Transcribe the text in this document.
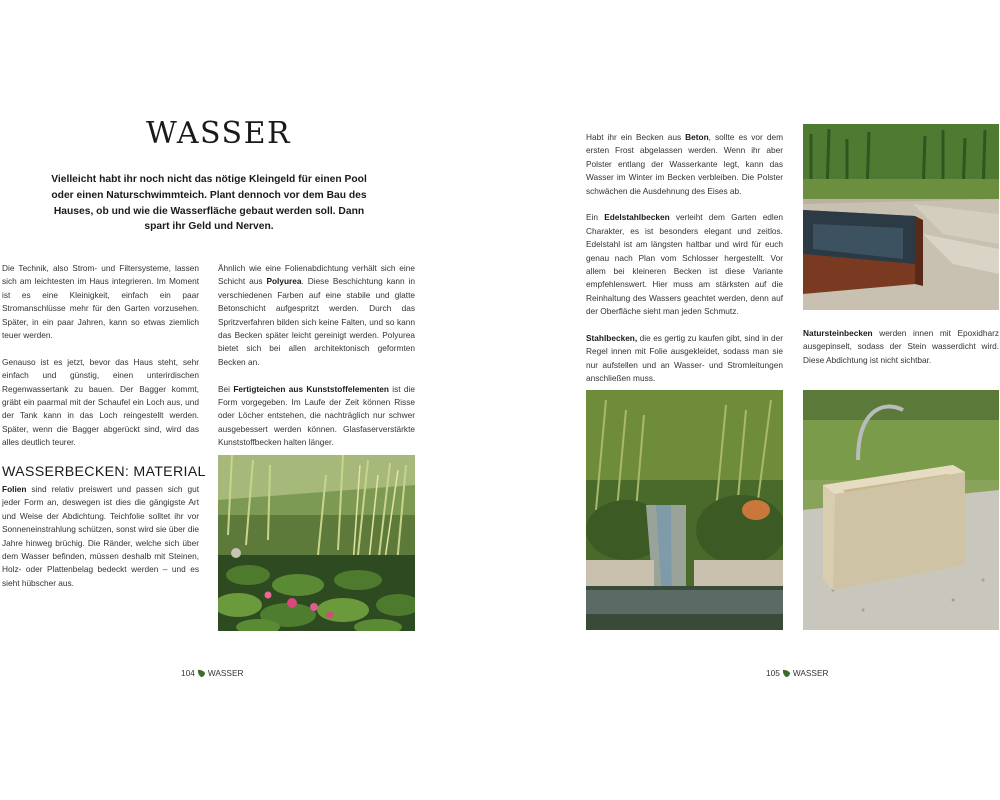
WASSER

Vielleicht habt ihr noch nicht das nötige Kleingeld für einen Pool oder einen Naturschwimmteich. Plant dennoch vor dem Bau des Hauses, ob und wie die Wasserfläche gebaut werden soll. Dann spart ihr Geld und Nerven.

Die Technik, also Strom- und Filtersysteme, lassen sich am leichtesten im Haus integrieren. Im Moment ist es eine Kleinigkeit, einfach ein paar Stromanschlüsse mehr für den Garten vorzusehen. Später, in ein paar Jahren, kann so etwas ziemlich teuer werden.

Genauso ist es jetzt, bevor das Haus steht, sehr einfach und günstig, einen unterirdischen Regenwassertank zu bauen. Der Bagger kommt, gräbt ein paarmal mit der Schaufel ein Loch aus, und der Tank kann in das Loch reingestellt werden. Später, wenn die Bagger abgerückt sind, wird das alles deutlich teurer.

WASSERBECKEN: MATERIAL

Folien sind relativ preiswert und passen sich gut jeder Form an, deswegen ist dies die gängigste Art und Weise der Abdichtung. Teichfolie solltet ihr vor Sonneneinstrahlung schützen, sonst wird sie über die Jahre hinweg brüchig. Die Ränder, welche sich über dem Wasser befinden, müssen deshalb mit Steinen, Holz- oder Plattenbelag bedeckt werden – und es sieht hübscher aus.

Ähnlich wie eine Folienabdichtung verhält sich eine Schicht aus Polyurea. Diese Beschichtung kann in verschiedenen Farben auf eine stabile und glatte Betonschicht aufgespritzt werden. Durch das Spritzverfahren bilden sich keine Falten, und so kann das Becken später leicht gereinigt werden. Polyurea bietet sich bei allen architektonisch geformten Becken an.

Bei Fertigteichen aus Kunststoffelementen ist die Form vorgegeben. Im Laufe der Zeit können Risse oder Löcher entstehen, die nachträglich nur schwer ausgebessert werden können. Glasfaserverstärkte Kunststoffbecken halten länger.

104 WASSER

Habt ihr ein Becken aus Beton, sollte es vor dem ersten Frost abgelassen werden. Wenn ihr aber Polster entlang der Wasserkante legt, kann das Wasser im Winter im Becken verbleiben. Die Polster schwächen die Ausdehnung des Eises ab.

Ein Edelstahlbecken verleiht dem Garten edlen Charakter, es ist besonders elegant und zeitlos. Edelstahl ist am längsten haltbar und wird für euch genau nach Plan vom Schlosser hergestellt. Vor allem bei kleineren Becken ist diese Variante empfehlenswert. Hier muss am stärksten auf die Reinhaltung des Wassers geachtet werden, denn auf der Oberfläche sieht man jeden Schmutz.

Stahlbecken, die es gertig zu kaufen gibt, sind in der Regel innen mit Folie ausgekleidet, sodass man sie nur aufstellen und an Wasser- und Stromleitungen anschließen muss.

Natursteinbecken werden innen mit Epoxidharz ausgepinselt, sodass der Stein wasserdicht wird. Diese Abdichtung ist nicht sichtbar.

105 WASSER
